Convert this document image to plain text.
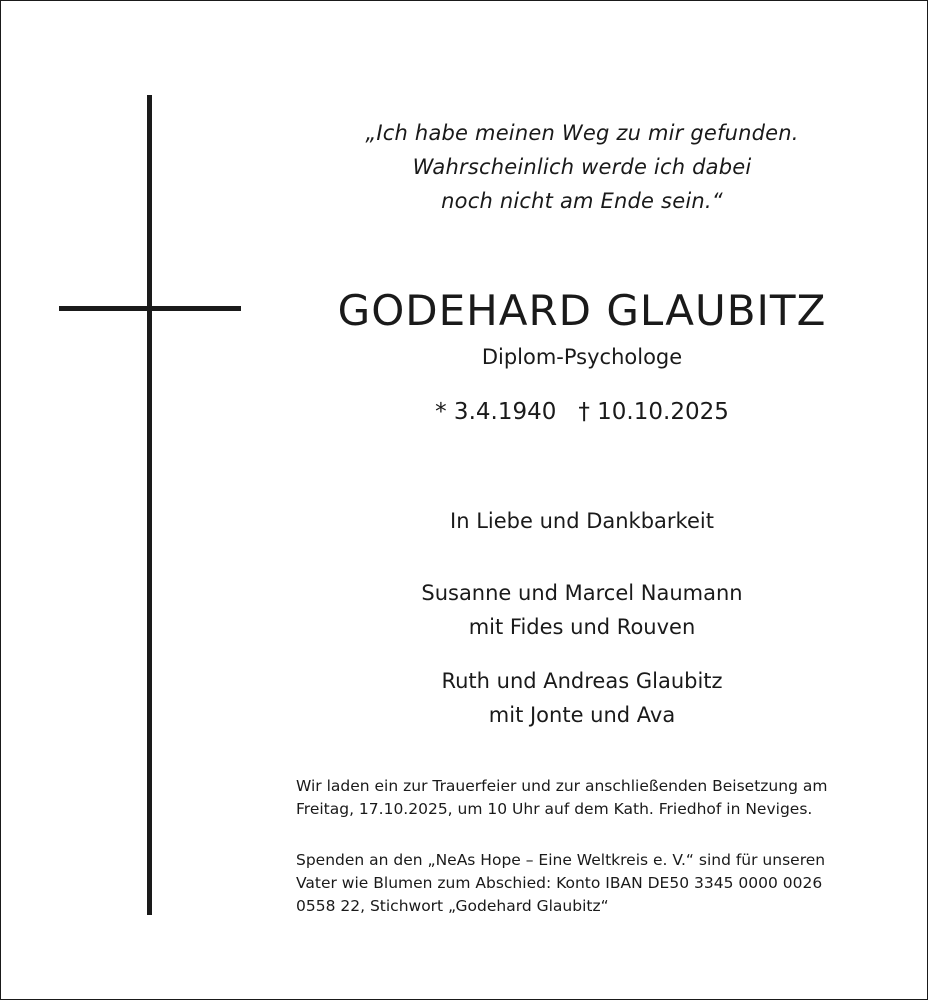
„Ich habe meinen Weg zu mir gefunden.
Wahrscheinlich werde ich dabei
noch nicht am Ende sein.“
GODEHARD GLAUBITZ
Diplom-Psychologe
* 3.4.1940 † 10.10.2025
In Liebe und Dankbarkeit
Susanne und Marcel Naumann
mit Fides und Rouven
Ruth und Andreas Glaubitz
mit Jonte und Ava
Wir laden ein zur Trauerfeier und zur anschließenden Beisetzung am
Freitag, 17.10.2025, um 10 Uhr auf dem Kath. Friedhof in Neviges.
Spenden an den „NeAs Hope – Eine Weltkreis e. V.“ sind für unseren
Vater wie Blumen zum Abschied: Konto IBAN DE50 3345 0000 0026
0558 22, Stichwort „Godehard Glaubitz“
